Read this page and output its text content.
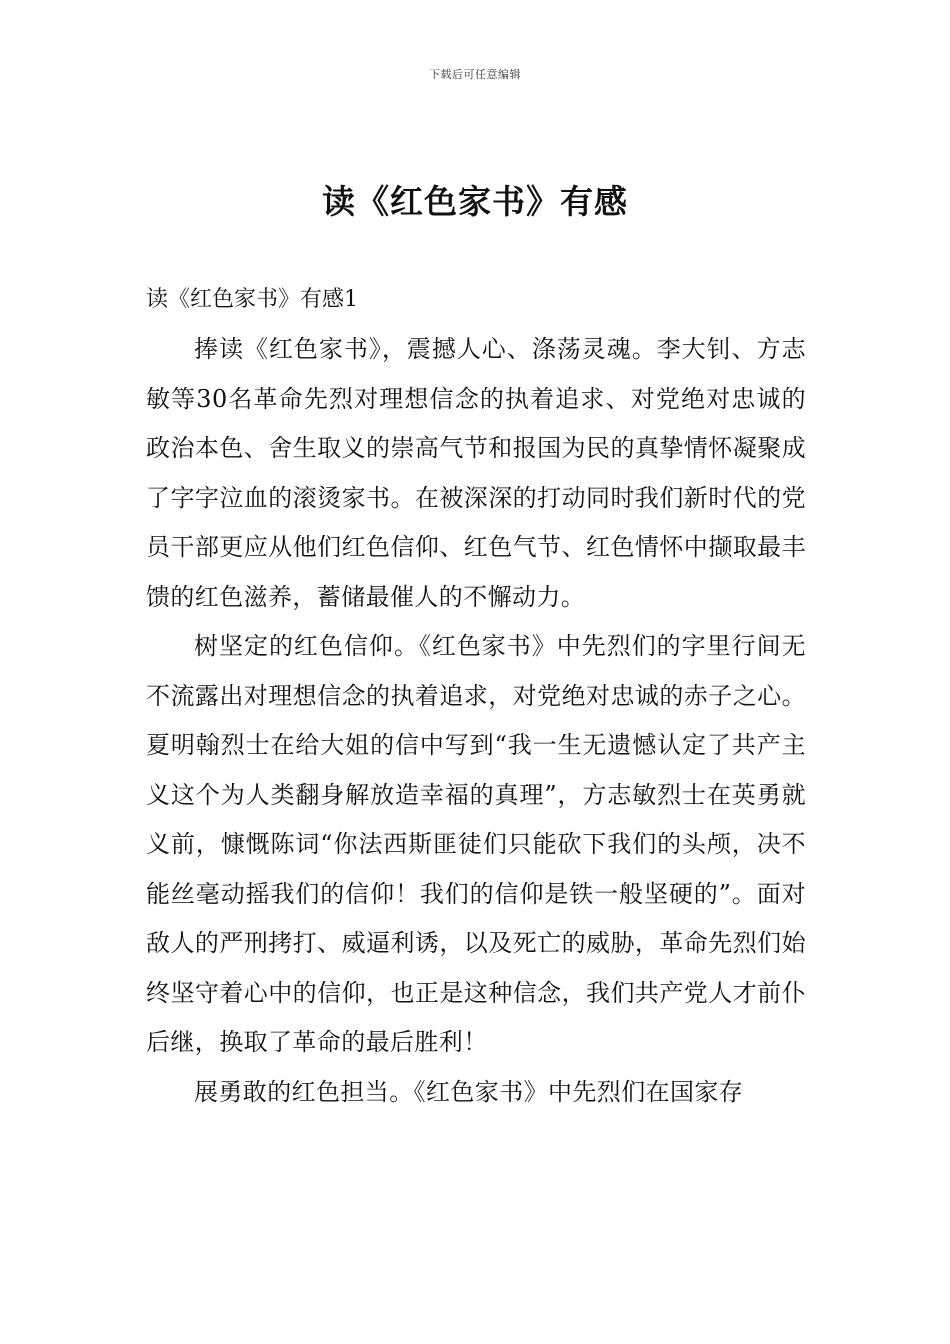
下载后可任意编辑
读《红色家书》有感
读《红色家书》有感1

捧读《红色家书》，震撼人心、涤荡灵魂。李大钊、方志敏等30名革命先烈对理想信念的执着追求、对党绝对忠诚的政治本色、舍生取义的崇高气节和报国为民的真挚情怀凝聚成了字字泣血的滚烫家书。在被深深的打动同时我们新时代的党员干部更应从他们红色信仰、红色气节、红色情怀中撷取最丰馈的红色滋养，蓄储最催人的不懈动力。

树坚定的红色信仰。《红色家书》中先烈们的字里行间无不流露出对理想信念的执着追求，对党绝对忠诚的赤子之心。夏明翰烈士在给大姐的信中写到“我一生无遗憾认定了共产主义这个为人类翻身解放造幸福的真理”，方志敏烈士在英勇就义前，慷慨陈词“你法西斯匪徒们只能砍下我们的头颅，决不能丝毫动摇我们的信仰！我们的信仰是铁一般坚硬的”。面对敌人的严刑拷打、威逼利诱，以及死亡的威胁，革命先烈们始终坚守着心中的信仰，也正是这种信念，我们共产党人才前仆后继，换取了革命的最后胜利！

展勇敢的红色担当。《红色家书》中先烈们在国家存
